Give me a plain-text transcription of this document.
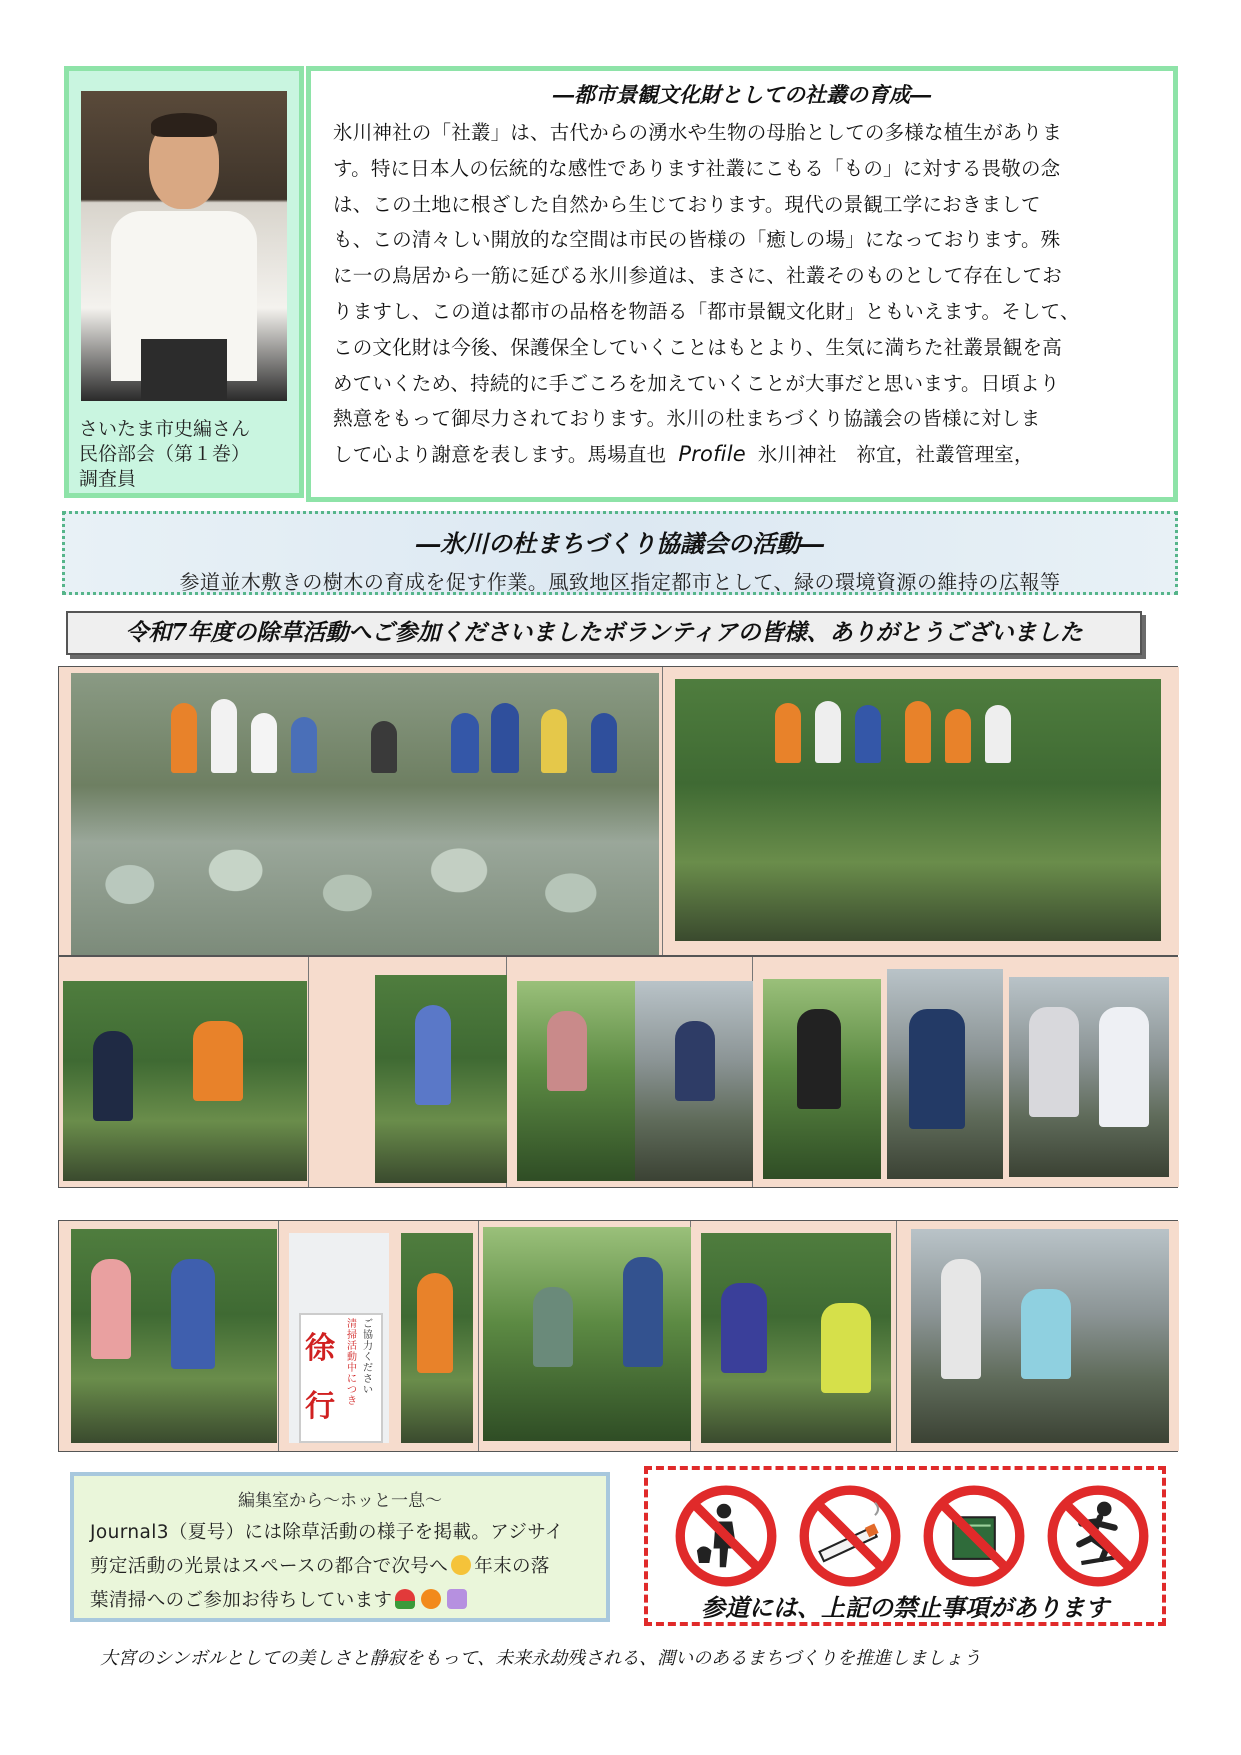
さいたま市史編さん
民俗部会（第１巻）
調査員
―都市景観文化財としての社叢の育成―
氷川神社の「社叢」は、古代からの湧水や生物の母胎としての多様な植生がありま
す。特に日本人の伝統的な感性であります社叢にこもる「もの」に対する畏敬の念
は、この土地に根ざした自然から生じております。現代の景観工学におきまして
も、この清々しい開放的な空間は市民の皆様の「癒しの場」になっております。殊
に一の鳥居から一筋に延びる氷川参道は、まさに、社叢そのものとして存在してお
りますし、この道は都市の品格を物語る「都市景観文化財」ともいえます。そして、
この文化財は今後、保護保全していくことはもとより、生気に満ちた社叢景観を高
めていくため、持続的に手ごころを加えていくことが大事だと思います。日頃より
熱意をもって御尽力されております。氷川の杜まちづくり協議会の皆様に対しま
して心より謝意を表します。馬場直也 Profile 氷川神社　祢宜，社叢管理室，
―氷川の杜まちづくり協議会の活動―
参道並木敷きの樹木の育成を促す作業。風致地区指定都市として、緑の環境資源の維持の広報等
令和7年度の除草活動へご参加くださいましたボランティアの皆様、ありがとうございました
徐
行
清掃活動中につき
ご協力ください
編集室から～ホッと一息～
Journal3（夏号）には除草活動の様子を掲載。アジサイ
剪定活動の光景はスペースの都合で次号へ 年末の落
葉清掃へのご参加お待ちしています	参道には、上記の禁止事項があります
大宮のシンボルとしての美しさと静寂をもって、未来永劫残される、潤いのあるまちづくりを推進しましょう
